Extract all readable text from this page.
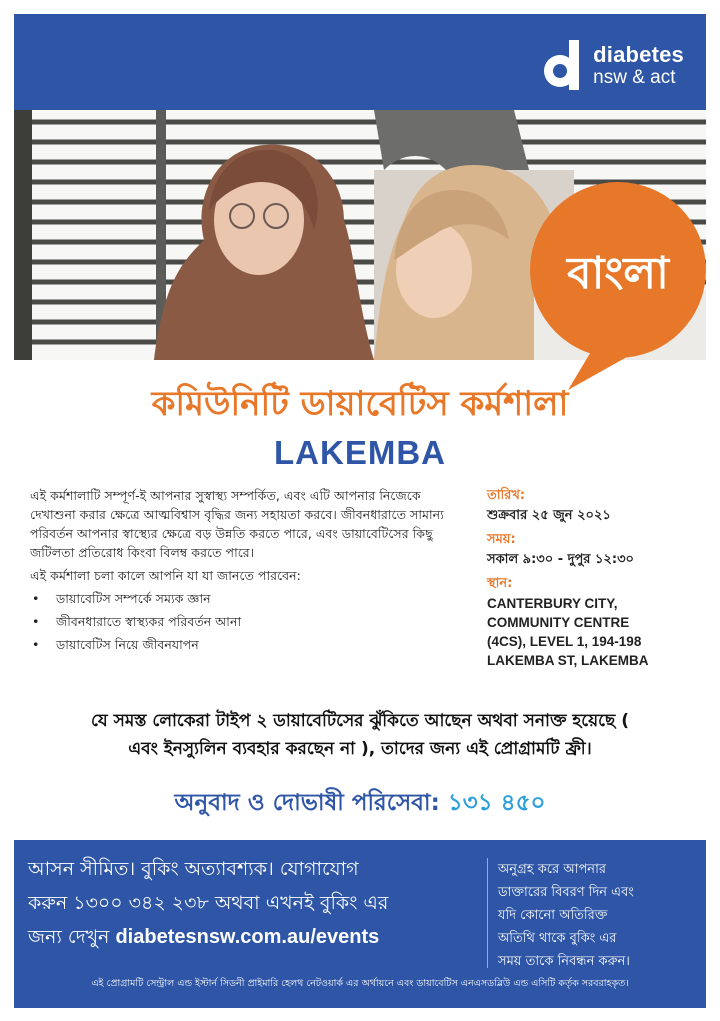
diabetes
nsw & act
বাংলা
কমিউনিটি ডায়াবেটিস কর্মশালা
LAKEMBA

এই কর্মশালাটি সম্পূর্ণ-ই আপনার সুস্বাস্থ্য সম্পর্কিত, এবং এটি আপনার নিজেকে দেখাশুনা করার ক্ষেত্রে আত্মবিশ্বাস বৃদ্ধির জন্য সহায়তা করবে। জীবনধারাতে সামান্য পরিবর্তন আপনার স্বাস্থ্যের ক্ষেত্রে বড় উন্নতি করতে পারে, এবং ডায়াবেটিসের কিছু জটিলতা প্রতিরোধ কিংবা বিলম্ব করতে পারে।

এই কর্মশালা চলা কালে আপনি যা যা জানতে পারবেন:

• ডায়াবেটিস সম্পর্কে সম্যক জ্ঞান
• জীবনধারাতে স্বাস্থ্যকর পরিবর্তন আনা
• ডায়াবেটিস নিয়ে জীবনযাপন
তারিখ:
শুক্রবার ২৫ জুন ২০২১
সময়:
সকাল ৯:৩০ - দুপুর ১২:৩০
স্থান:
CANTERBURY CITY,
COMMUNITY CENTRE
(4CS), LEVEL 1, 194-198
LAKEMBA ST, LAKEMBA
যে সমস্ত লোকেরা টাইপ ২ ডায়াবেটিসের ঝুঁকিতে আছেন অথবা সনাক্ত হয়েছে (
এবং ইনস্যুলিন ব্যবহার করছেন না ), তাদের জন্য এই প্রোগ্রামটি ফ্রী।
অনুবাদ ও দোভাষী পরিসেবা: ১৩১ ৪৫০
আসন সীমিত। বুকিং অত্যাবশ্যক। যোগাযোগ
করুন ১৩০০ ৩৪২ ২৩৮ অথবা এখনই বুকিং এর
জন্য দেখুন diabetesnsw.com.au/events
অনুগ্রহ করে আপনার
ডাক্তারের বিবরণ দিন এবং
যদি কোনো অতিরিক্ত
অতিথি থাকে বুকিং এর
সময় তাকে নিবন্ধন করুন।
এই প্রোগ্রামটি সেন্ট্রাল এন্ড ইস্টার্ন সিডনী প্রাইমারি হেলথ নেটওয়ার্ক এর অর্থায়নে এবং ডায়াবেটিস এনএসডব্লিউ এন্ড এসিটি কর্তৃক সরবরাহকৃত।
